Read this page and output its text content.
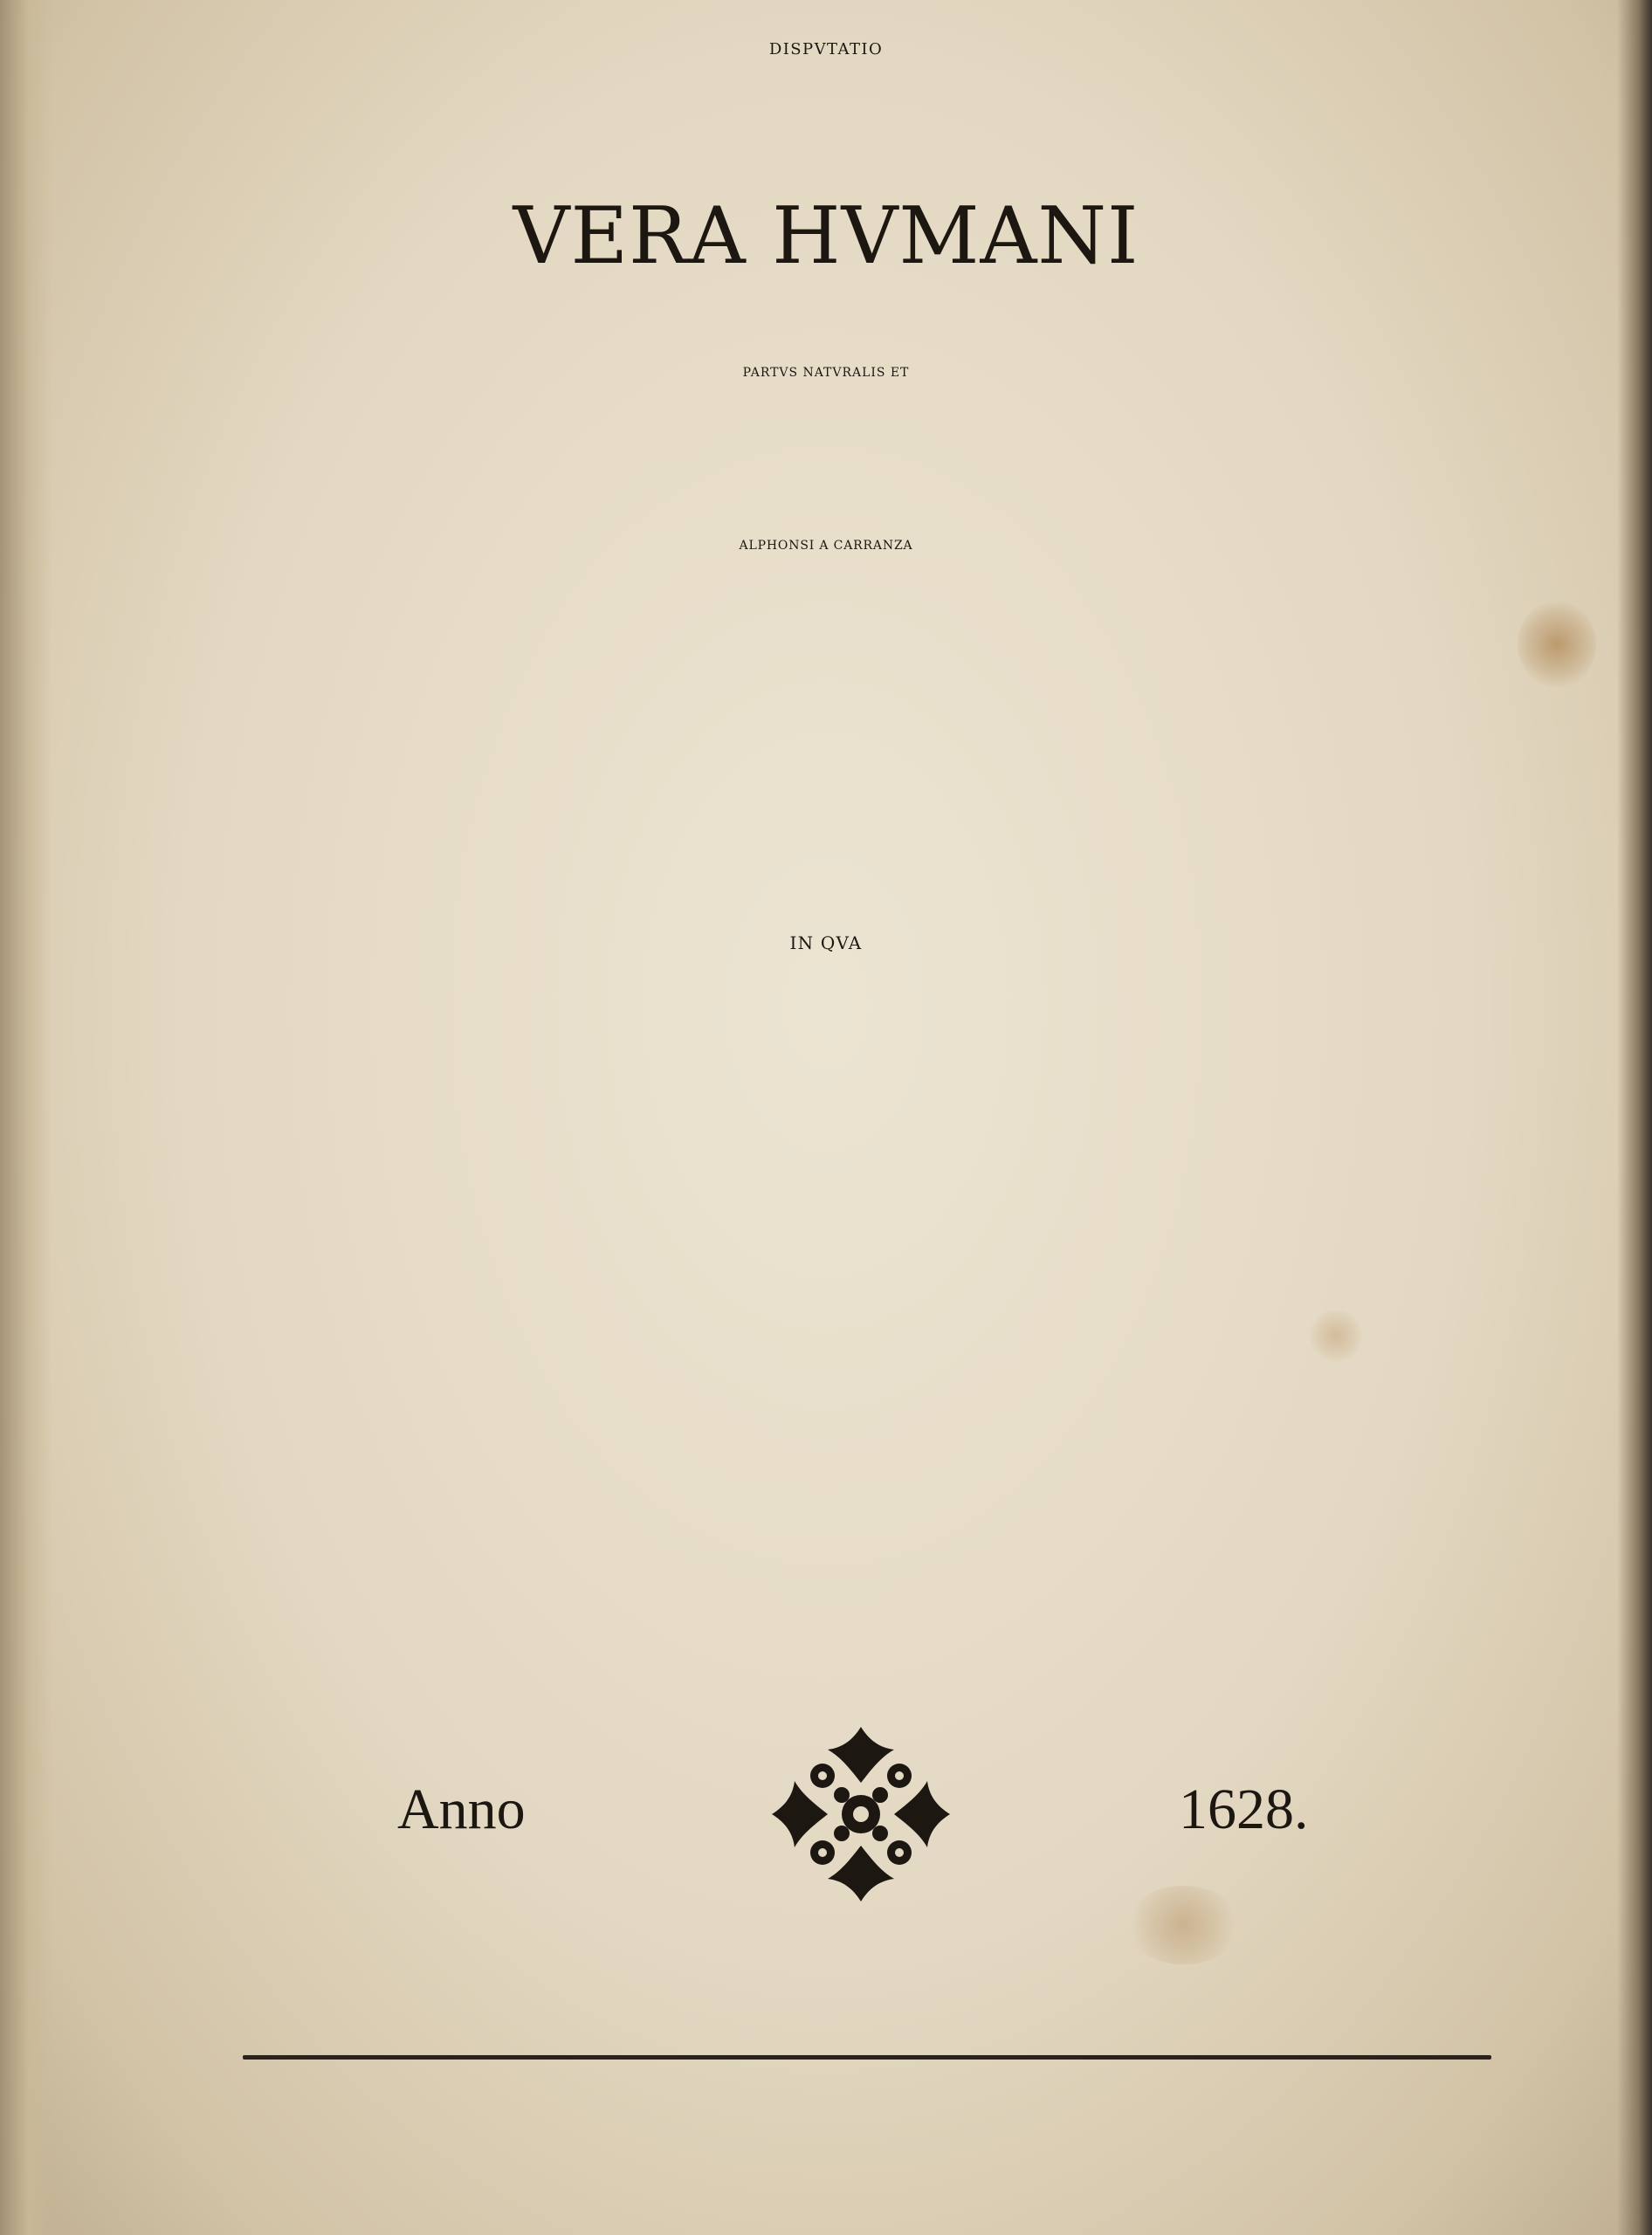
DISPVTATIO

VERA HVMANI

PARTVS NATVRALIS ET

ALPHONSI A CARRANZA

IN QVA

Anno	1628.
